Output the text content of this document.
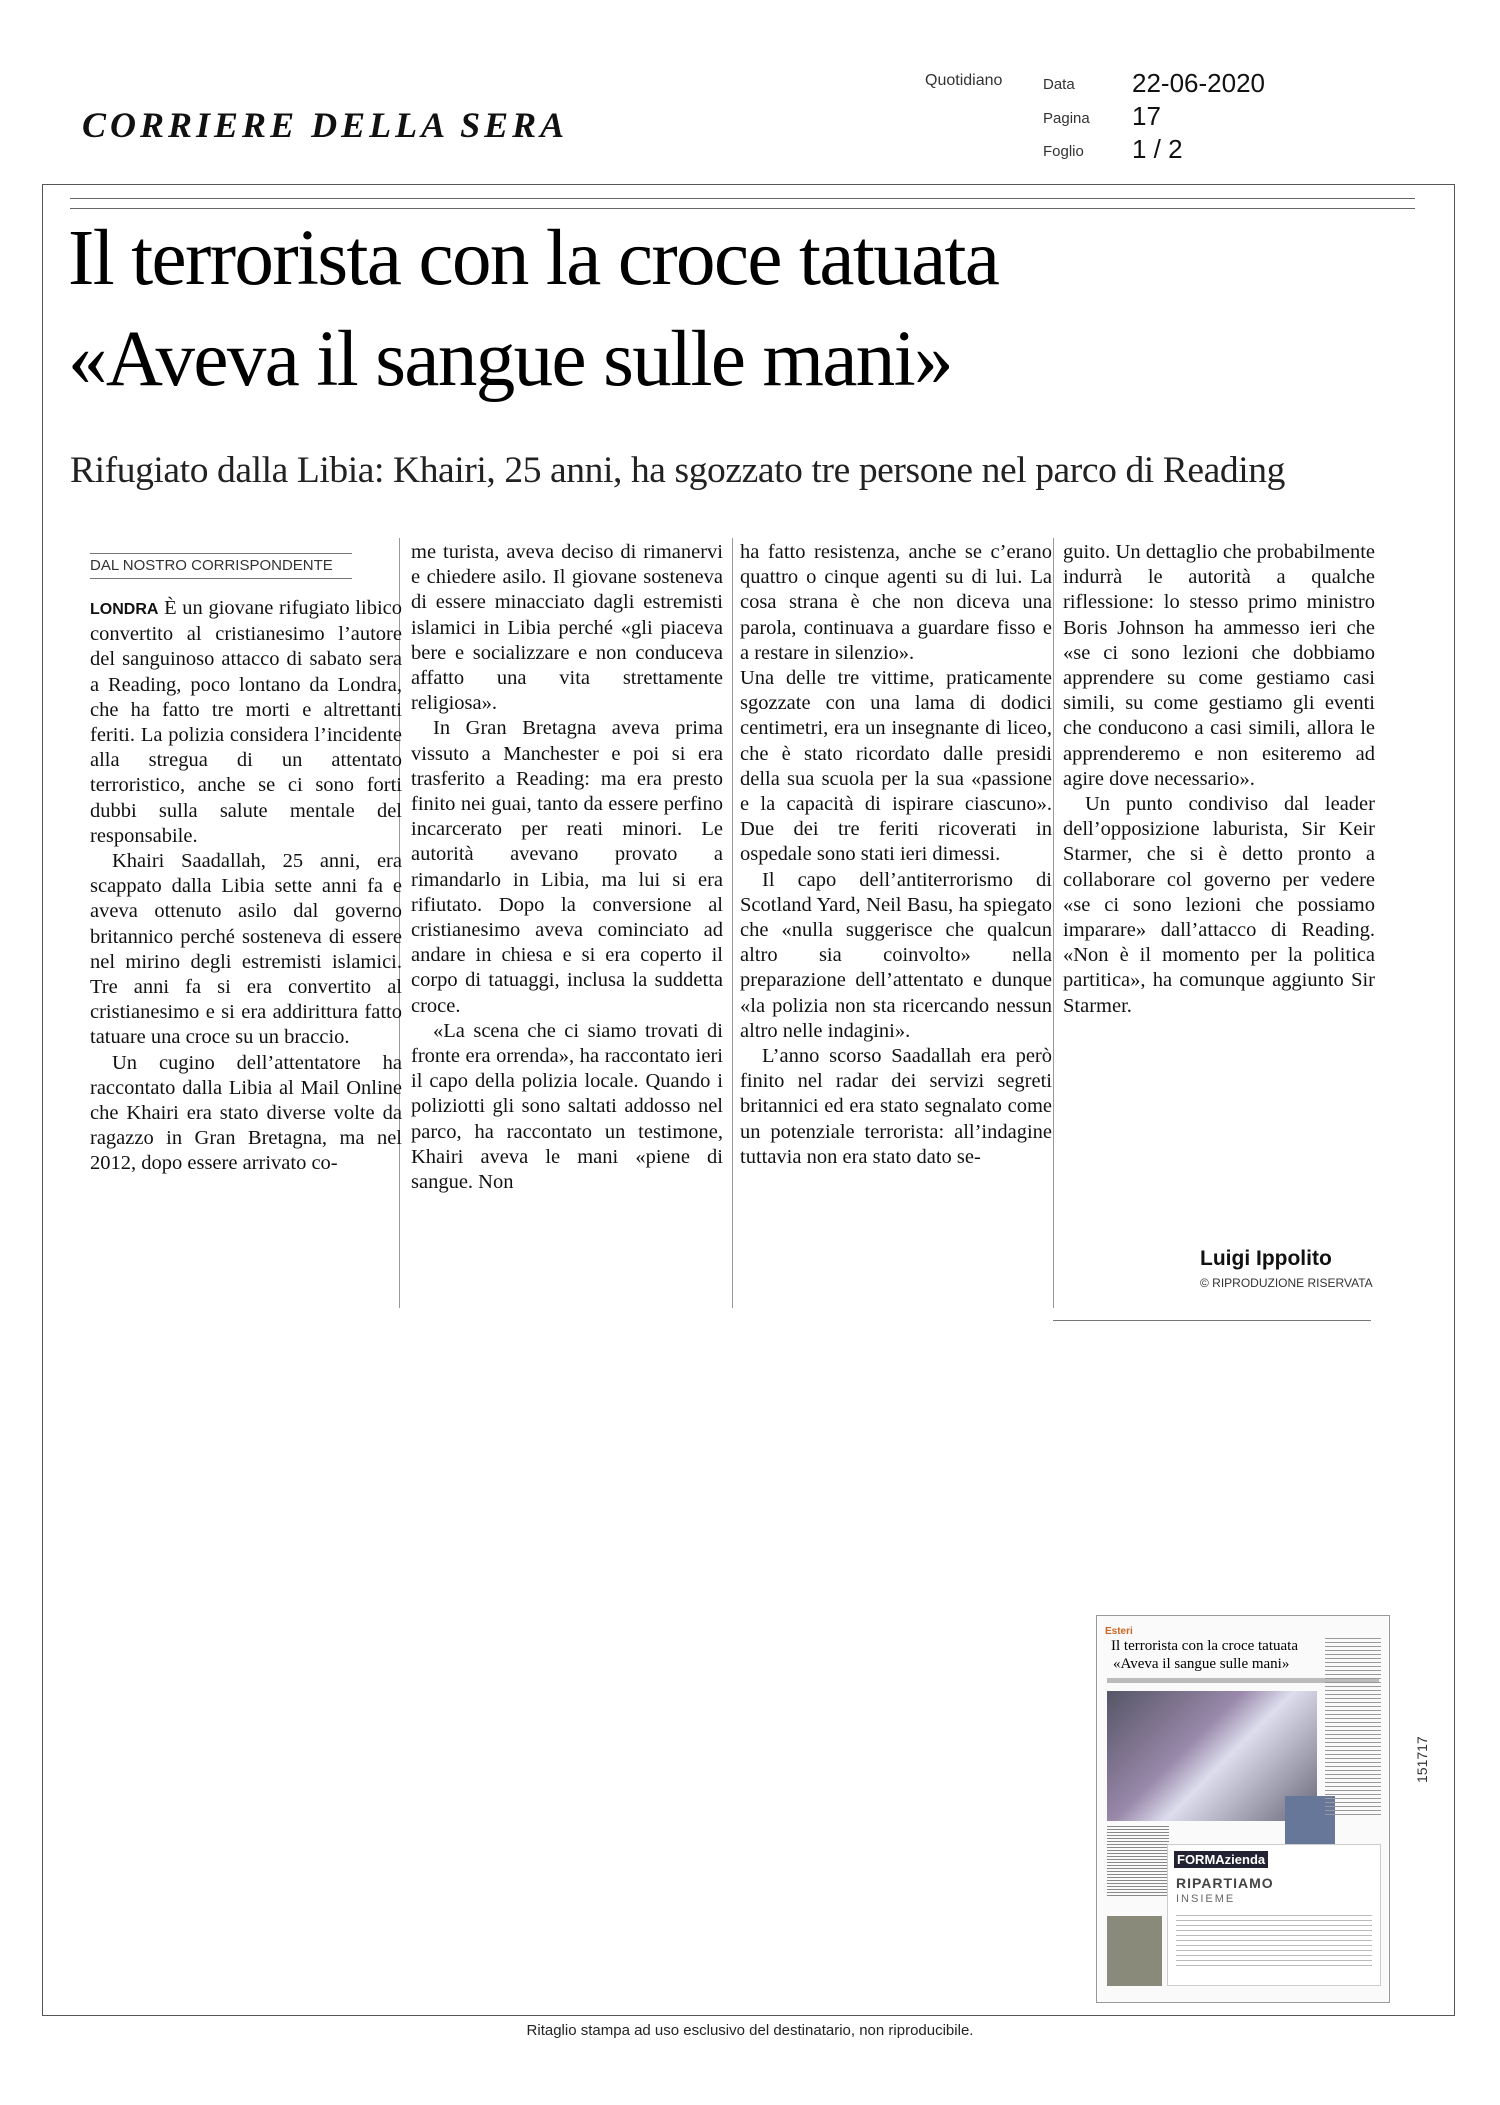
CORRIERE DELLA SERA
Quotidiano	Data 22-06-2020
Pagina 17
Foglio 1 / 2
Il terrorista con la croce tatuata
«Aveva il sangue sulle mani»
Rifugiato dalla Libia: Khairi, 25 anni, ha sgozzato tre persone nel parco di Reading
DAL NOSTRO CORRISPONDENTE

LONDRA È un giovane rifugiato libico convertito al cristianesimo l’autore del sanguinoso attacco di sabato sera a Reading, poco lontano da Londra, che ha fatto tre morti e altrettanti feriti. La polizia considera l’incidente alla stregua di un attentato terroristico, anche se ci sono forti dubbi sulla salute mentale del responsabile.

Khairi Saadallah, 25 anni, era scappato dalla Libia sette anni fa e aveva ottenuto asilo dal governo britannico perché sosteneva di essere nel mirino degli estremisti islamici. Tre anni fa si era convertito al cristianesimo e si era addirittura fatto tatuare una croce su un braccio.

Un cugino dell’attentatore ha raccontato dalla Libia al Mail Online che Khairi era stato diverse volte da ragazzo in Gran Bretagna, ma nel 2012, dopo essere arrivato co-

me turista, aveva deciso di rimanervi e chiedere asilo. Il giovane sosteneva di essere minacciato dagli estremisti islamici in Libia perché «gli piaceva bere e socializzare e non conduceva affatto una vita strettamente religiosa».

In Gran Bretagna aveva prima vissuto a Manchester e poi si era trasferito a Reading: ma era presto finito nei guai, tanto da essere perfino incarcerato per reati minori. Le autorità avevano provato a rimandarlo in Libia, ma lui si era rifiutato. Dopo la conversione al cristianesimo aveva cominciato ad andare in chiesa e si era coperto il corpo di tatuaggi, inclusa la suddetta croce.

«La scena che ci siamo trovati di fronte era orrenda», ha raccontato ieri il capo della polizia locale. Quando i poliziotti gli sono saltati addosso nel parco, ha raccontato un testimone, Khairi aveva le mani «piene di sangue. Non

ha fatto resistenza, anche se c’erano quattro o cinque agenti su di lui. La cosa strana è che non diceva una parola, continuava a guardare fisso e a restare in silenzio».

Una delle tre vittime, praticamente sgozzate con una lama di dodici centimetri, era un insegnante di liceo, che è stato ricordato dalle presidi della sua scuola per la sua «passione e la capacità di ispirare ciascuno». Due dei tre feriti ricoverati in ospedale sono stati ieri dimessi.

Il capo dell’antiterrorismo di Scotland Yard, Neil Basu, ha spiegato che «nulla suggerisce che qualcun altro sia coinvolto» nella preparazione dell’attentato e dunque «la polizia non sta ricercando nessun altro nelle indagini».

L’anno scorso Saadallah era però finito nel radar dei servizi segreti britannici ed era stato segnalato come un potenziale terrorista: all’indagine tuttavia non era stato dato se-

guito. Un dettaglio che probabilmente indurrà le autorità a qualche riflessione: lo stesso primo ministro Boris Johnson ha ammesso ieri che «se ci sono lezioni che dobbiamo apprendere su come gestiamo casi simili, su come gestiamo gli eventi che conducono a casi simili, allora le apprenderemo e non esiteremo ad agire dove necessario».

Un punto condiviso dal leader dell’opposizione laburista, Sir Keir Starmer, che si è detto pronto a collaborare col governo per vedere «se ci sono lezioni che possiamo imparare» dall’attacco di Reading. «Non è il momento per la politica partitica», ha comunque aggiunto Sir Starmer.

Luigi Ippolito
© RIPRODUZIONE RISERVATA
Esteri
Il terrorista con la croce tatuata
«Aveva il sangue sulle mani»
FORMAzienda
RIPARTIAMO
INSIEME
151717
Ritaglio stampa ad uso esclusivo del destinatario, non riproducibile.
